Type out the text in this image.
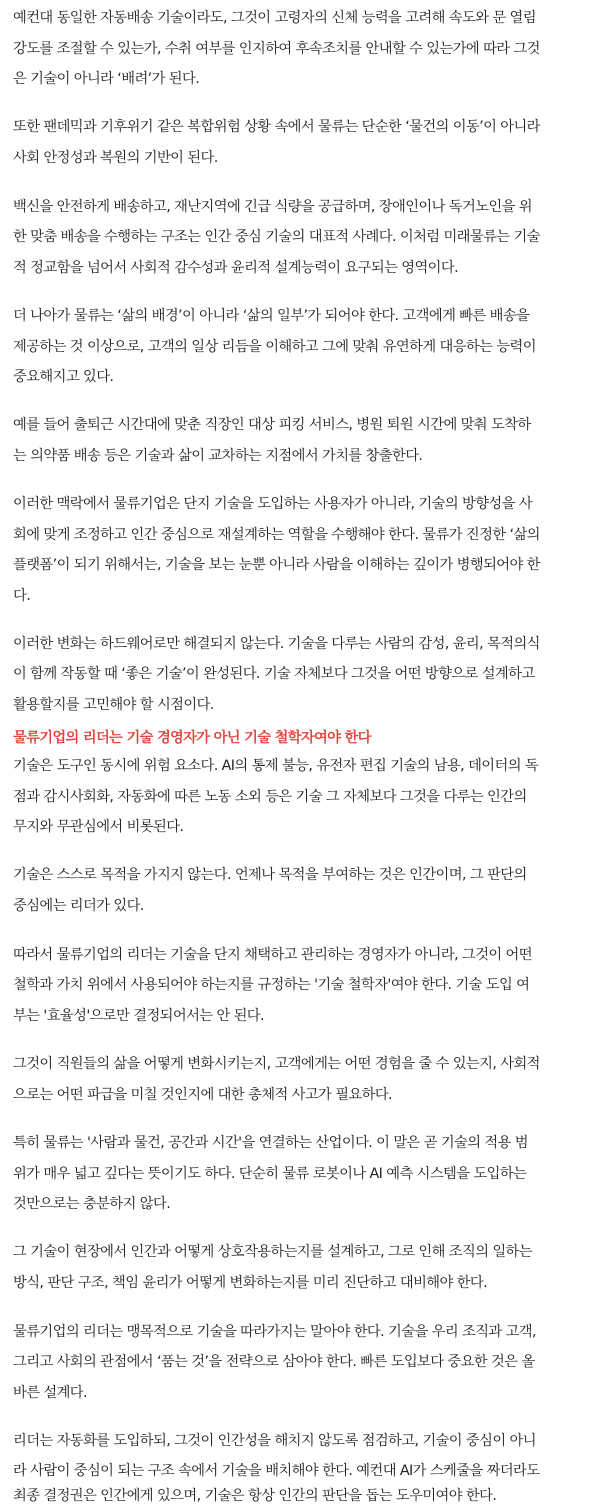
예컨대 동일한 자동배송 기술이라도, 그것이 고령자의 신체 능력을 고려해 속도와 문 열림
강도를 조절할 수 있는가, 수취 여부를 인지하여 후속조치를 안내할 수 있는가에 따라 그것
은 기술이 아니라 ‘배려’가 된다.
또한 팬데믹과 기후위기 같은 복합위험 상황 속에서 물류는 단순한 ‘물건의 이동’이 아니라
사회 안정성과 복원의 기반이 된다.
백신을 안전하게 배송하고, 재난지역에 긴급 식량을 공급하며, 장애인이나 독거노인을 위
한 맞춤 배송을 수행하는 구조는 인간 중심 기술의 대표적 사례다. 이처럼 미래물류는 기술
적 정교함을 넘어서 사회적 감수성과 윤리적 설계능력이 요구되는 영역이다.
더 나아가 물류는 ‘삶의 배경’이 아니라 ‘삶의 일부’가 되어야 한다. 고객에게 빠른 배송을
제공하는 것 이상으로, 고객의 일상 리듬을 이해하고 그에 맞춰 유연하게 대응하는 능력이
중요해지고 있다.
예를 들어 출퇴근 시간대에 맞춘 직장인 대상 피킹 서비스, 병원 퇴원 시간에 맞춰 도착하
는 의약품 배송 등은 기술과 삶이 교차하는 지점에서 가치를 창출한다.
이러한 맥락에서 물류기업은 단지 기술을 도입하는 사용자가 아니라, 기술의 방향성을 사
회에 맞게 조정하고 인간 중심으로 재설계하는 역할을 수행해야 한다. 물류가 진정한 ‘삶의
플랫폼’이 되기 위해서는, 기술을 보는 눈뿐 아니라 사람을 이해하는 깊이가 병행되어야 한
다.
이러한 변화는 하드웨어로만 해결되지 않는다. 기술을 다루는 사람의 감성, 윤리, 목적의식
이 함께 작동할 때 ‘좋은 기술’이 완성된다. 기술 자체보다 그것을 어떤 방향으로 설계하고
활용할지를 고민해야 할 시점이다.
물류기업의 리더는 기술 경영자가 아닌 기술 철학자여야 한다
기술은 도구인 동시에 위험 요소다. AI의 통제 불능, 유전자 편집 기술의 남용, 데이터의 독
점과 감시사회화, 자동화에 따른 노동 소외 등은 기술 그 자체보다 그것을 다루는 인간의
무지와 무관심에서 비롯된다.
기술은 스스로 목적을 가지지 않는다. 언제나 목적을 부여하는 것은 인간이며, 그 판단의
중심에는 리더가 있다.
따라서 물류기업의 리더는 기술을 단지 채택하고 관리하는 경영자가 아니라, 그것이 어떤
철학과 가치 위에서 사용되어야 하는지를 규정하는 '기술 철학자'여야 한다. 기술 도입 여
부는 '효율성'으로만 결정되어서는 안 된다.
그것이 직원들의 삶을 어떻게 변화시키는지, 고객에게는 어떤 경험을 줄 수 있는지, 사회적
으로는 어떤 파급을 미칠 것인지에 대한 총체적 사고가 필요하다.
특히 물류는 '사람과 물건, 공간과 시간'을 연결하는 산업이다. 이 말은 곧 기술의 적용 범
위가 매우 넓고 깊다는 뜻이기도 하다. 단순히 물류 로봇이나 AI 예측 시스템을 도입하는
것만으로는 충분하지 않다.
그 기술이 현장에서 인간과 어떻게 상호작용하는지를 설계하고, 그로 인해 조직의 일하는
방식, 판단 구조, 책임 윤리가 어떻게 변화하는지를 미리 진단하고 대비해야 한다.
물류기업의 리더는 맹목적으로 기술을 따라가지는 말아야 한다. 기술을 우리 조직과 고객,
그리고 사회의 관점에서 ‘품는 것’을 전략으로 삼아야 한다. 빠른 도입보다 중요한 것은 올
바른 설계다.
리더는 자동화를 도입하되, 그것이 인간성을 해치지 않도록 점검하고, 기술이 중심이 아니
라 사람이 중심이 되는 구조 속에서 기술을 배치해야 한다. 예컨대 AI가 스케줄을 짜더라도
최종 결정권은 인간에게 있으며, 기술은 항상 인간의 판단을 돕는 도우미여야 한다.
